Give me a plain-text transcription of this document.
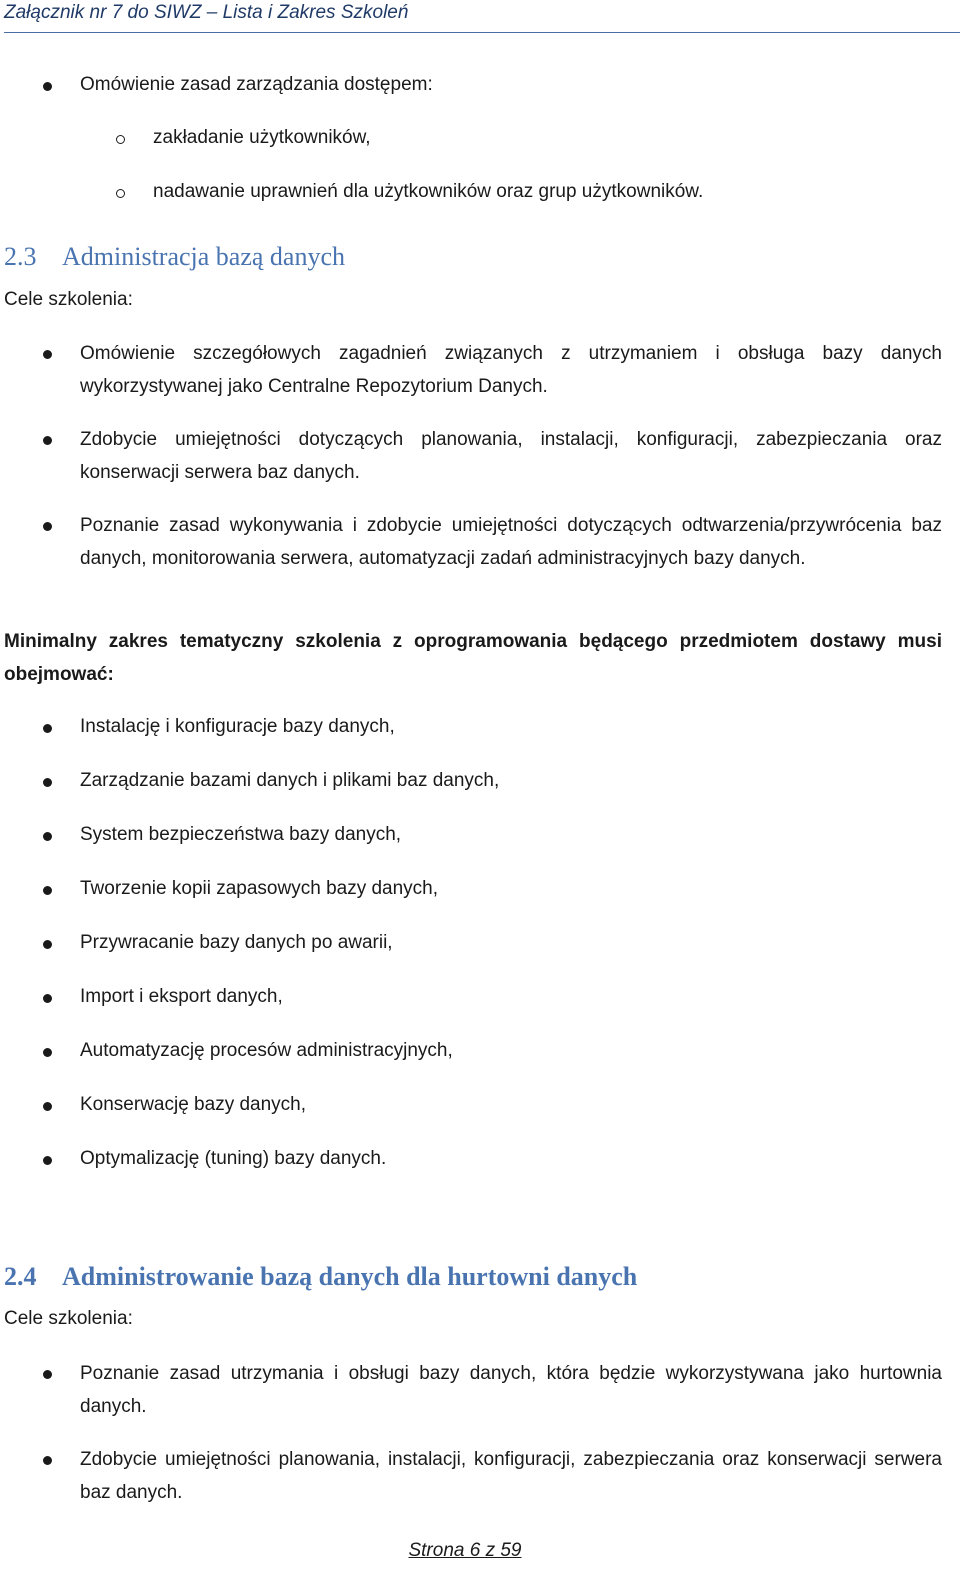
Załącznik nr 7 do SIWZ – Lista i Zakres Szkoleń
Omówienie zasad zarządzania dostępem:
zakładanie użytkowników,
nadawanie uprawnień dla użytkowników oraz grup użytkowników.
2.3 Administracja bazą danych
Cele szkolenia:
Omówienie szczegółowych zagadnień związanych z utrzymaniem i obsługa bazy danych wykorzystywanej jako Centralne Repozytorium Danych.
Zdobycie umiejętności dotyczących planowania, instalacji, konfiguracji, zabezpieczania oraz konserwacji serwera baz danych.
Poznanie zasad wykonywania i zdobycie umiejętności dotyczących odtwarzenia/przywrócenia baz danych, monitorowania serwera, automatyzacji zadań administracyjnych bazy danych.
Minimalny zakres tematyczny szkolenia z oprogramowania będącego przedmiotem dostawy musi obejmować:
Instalację i konfiguracje bazy danych,
Zarządzanie bazami danych i plikami baz danych,
System bezpieczeństwa bazy danych,
Tworzenie kopii zapasowych bazy danych,
Przywracanie bazy danych po awarii,
Import i eksport danych,
Automatyzację procesów administracyjnych,
Konserwację bazy danych,
Optymalizację (tuning) bazy danych.
2.4 Administrowanie bazą danych dla hurtowni danych
Cele szkolenia:
Poznanie zasad utrzymania i obsługi bazy danych, która będzie wykorzystywana jako hurtownia danych.
Zdobycie umiejętności planowania, instalacji, konfiguracji, zabezpieczania oraz konserwacji serwera baz danych.
Strona 6 z 59
